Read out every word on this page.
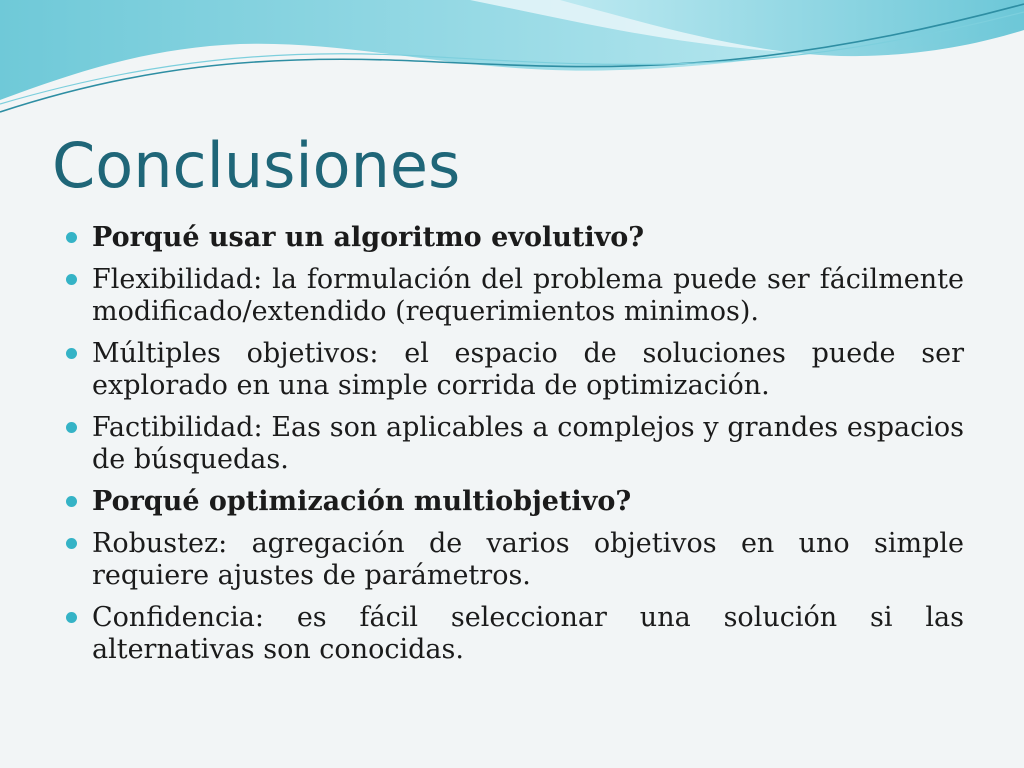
Conclusiones
Porqué usar un algoritmo evolutivo?
Flexibilidad: la formulación del problema puede ser fácilmente modificado/extendido (requerimientos minimos).
Múltiples objetivos: el espacio de soluciones puede ser explorado en una simple corrida de optimización.
Factibilidad: Eas son aplicables a complejos y grandes espacios de búsquedas.
Porqué optimización multiobjetivo?
Robustez: agregación de varios objetivos en uno simple requiere ajustes de parámetros.
Confidencia: es fácil seleccionar una solución si las alternativas son conocidas.
